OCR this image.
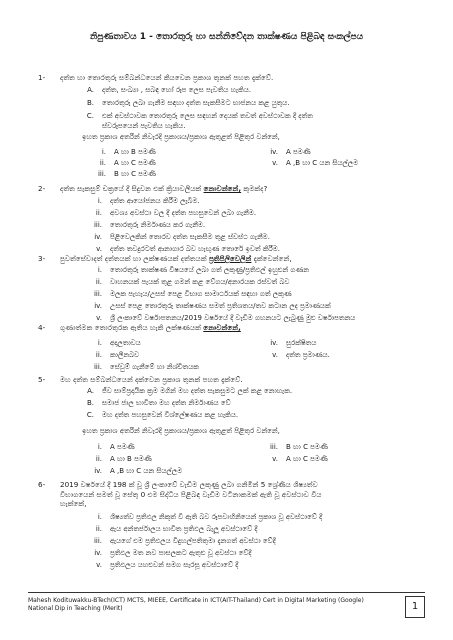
නිපුණතාවය 1 - තොරතුරු හා සන්නිවේදන තාක්ෂණය පිළිබඳ සංකල්පය
1- දත්ත හා තොරතුරු සම්බන්ධයෙන් කියවෙන ප්‍රකාශ තුනක් පහත දැක්වේ.
A. දත්ත, සංඛ්‍යා , සබඳ හෝ රූප ලෙස පැවතිය හැකිය.
B. තොරතුරු ලබා ගැනීම සඳහා දත්ත සැකසීමට භාජනය කළ යුතුය.
C. එක් අවස්ථාවක තොරතුරු ලෙස සඳහන් දෙයක් තවත් අවස්ථාවක දී දත්ත
ස්වරූපයෙන් පැවතිය හැකිය.
ඉහත ප්‍රකාශ අතරින් නිවැරදි ප්‍රකාශය/ප්‍රකාශ ඇතුළත් පිළිතුර වන්නේ,
i. A හා B පමණි	iv. A පමණි
ii. A හා C පමණි	v. A ,B හා C යන සියල්ලම
iii. B හා C පමණි
2- දත්ත සැකසුම් චක්‍රයේ දී සිදුවන එක් ක්‍රියාවලියක් නොවන්නේ, කුමක්ද?
i. දත්ත ආයෝජනය කිරීම ලැබීම.
ii. අවශ්‍ය අවස්ථා වල දී දත්ත පහසුවෙන් ලබා ගැනීම.
iii. තොරතුරු නිර්මාණය කර ගැනීම.
iv. පිළිවෙලකින් තොරව දත්ත සැකසීම තුළ ස්වස්ථ ගැනීම.
v. දත්ත තවදුරටත් ආනාගාර බව හැඟුණ තොරේ ඉවත් කිරීම.
3- පුවත්සේවාදත් දත්තයක් හා ලක්ෂණයක් දත්තයක් ප්‍රතිපිලිවෙලින් දැක්වෙන්නේ,
i. තොරතුරු තාක්ෂණ විෂයයේ ලබා ගත් ලකුණු/ප්‍රතිඵල් ඉහුළුන් ගණන
ii. වාහනයක් පැයක් තුළ ගමන් කළ වේගය/අනාරයක රස්වත් බව
iii. මලක පැහැය/උසස් පෙළ විභාග සාමාර්ථයක් සඳහා ගත් ලකුණ
iv. උසස් පෙළ තොරතුරු තාක්ෂණය සමත් ප්‍රතිශතය/තව කටාන ලද ප්‍රමාණයක්
v. ශ්‍රී ලංකාවේ වර්ෂාපතනය/2019 වර්ෂයේ දී වැඩිම ගහනයට ලැබුණු මුළු වර්ෂාපතනය
4- ගුණාත්මක තොරතුරක ඇතිය හැකි ලක්ෂණයක් නොවන්නේ,
i. අදාලතාවය	iv. සුරක්ෂිතය
ii. කාලීනබව	v. දත්ත ප්‍රමාණය.
iii. සේවුම් ගැනීමේ හා නිශ්චිතයක
5- මහ දත්ත සම්බන්ධයෙන් දක්වෙන ප්‍රකාශ තුනක් පහත දැක්වේ.
A. ජීව සාම්ප්‍රදායික ක්‍රම මගින් මහ දත්ත සැකසුමට ලක් කළ නොහැක.
B. සමාජ ජාල භාවිතා මහ දත්ත නිර්මාණය වේ
C. මහ දත්ත පහසුවෙන් විශ්ලේෂණය කළ හැකිය.
ඉහත ප්‍රකාශ අතරින් නිවැරදි ප්‍රකාශය/ප්‍රකාශ ඇතුළත් පිළිතුර වන්නේ,
i. A පමණි	iii. B හා C පමණි
ii. A හා B පමණි	v. A හා C පමණි
iv. A ,B හා C යන සියල්ලම
6- 2019 වර්ෂයේ දී 198 ක් වූ ශ්‍රී ලංකාවේ වැඩිම ලකුණු ලබා ගනිමින් 5 ශ්‍රේණිය ශිෂ්‍යත්ව
විභාගයෙන් සමත් වූ සේතු 0 එම සිද්ධිය පිළිබඳ වැඩිම වටිනාකමක් ඇති වූ අවස්ථාව විය
හැක්කේ,
i. ශිෂ්‍යත්ව ප්‍රතිඵල නිකුත් වී ඇති බව රූපවාහිනියෙන් ප්‍රකාශ වූ අවස්ථාවේ දී
ii. ඇය අන්තර්ජාලය භාවිත ප්‍රතිඵල බැලූ අවස්ථාවේ දී
iii. ඇයගේ එම ප්‍රතිඵලය විදුහල්පතිතුමා දැනගත් අවස්ථා වේදී
iv. ප්‍රතිඵල මත නව පාසලකට ඇතුළු වූ අවස්ථා වේදී
v. ප්‍රතිඵලය යහළුවන් සමග සැරසූ අවස්ථාවේ දී
Mahesh Kodituwakku-BTech(ICT) MCTS, MIEEE, Certificate in ICT(AIT-Thailand) Cert in Digital Marketing (Google)
National Dip in Teaching (Merit)	1
